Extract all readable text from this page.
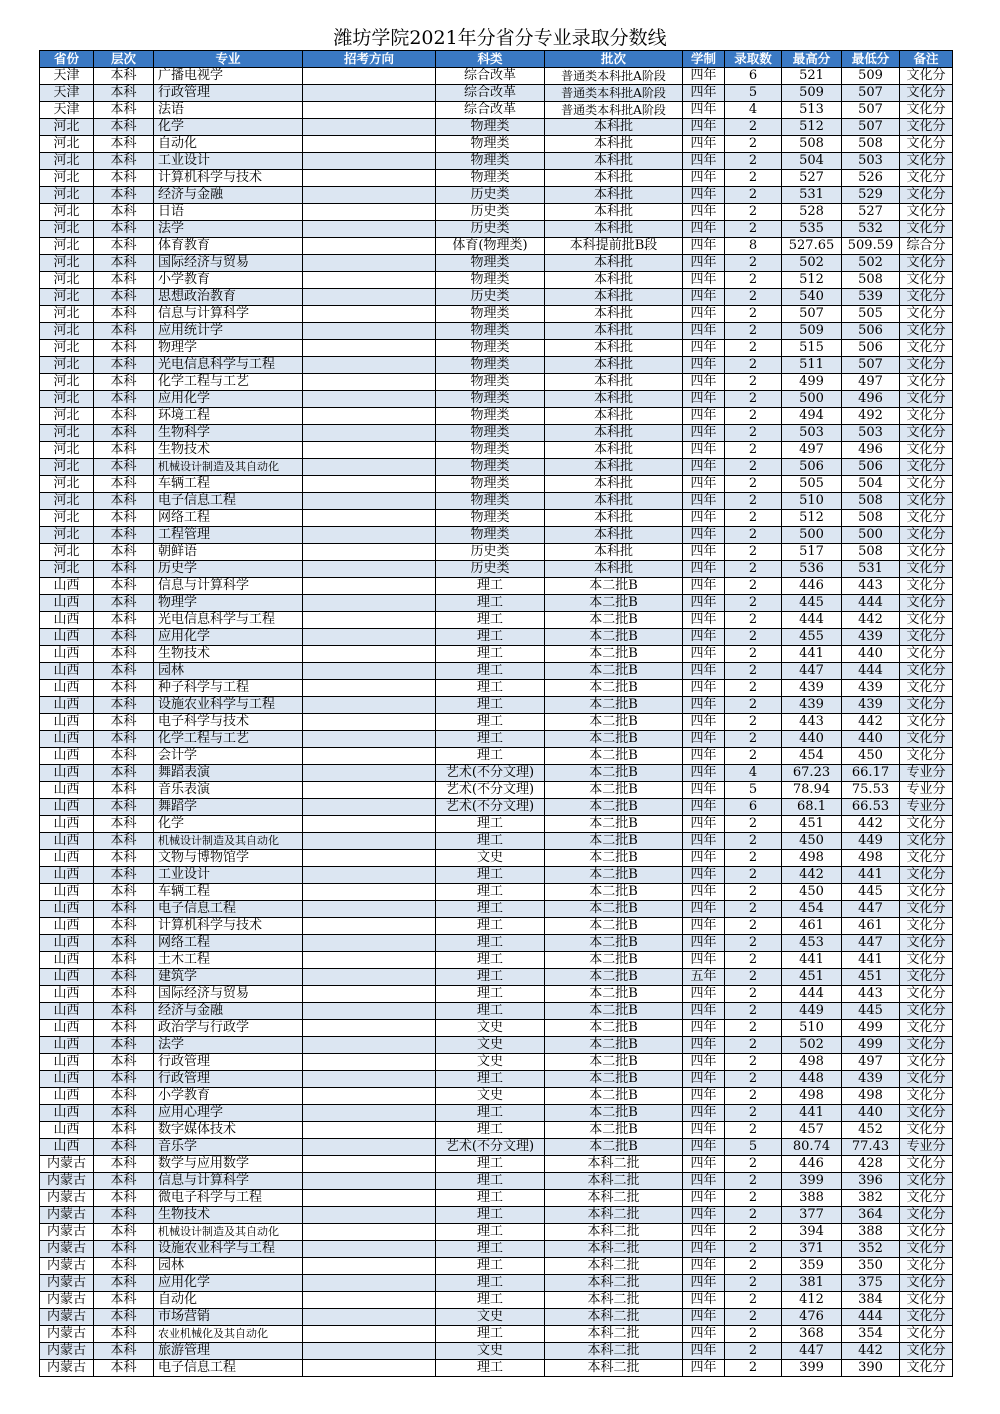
潍坊学院2021年分省分专业录取分数线
省份	层次	专业	招考方向	科类	批次	学制	录取数	最高分	最低分	备注
天津	本科	广播电视学		综合改革	普通类本科批A阶段	四年	6	521	509	文化分
天津	本科	行政管理		综合改革	普通类本科批A阶段	四年	5	509	507	文化分
天津	本科	法语		综合改革	普通类本科批A阶段	四年	4	513	507	文化分
河北	本科	化学		物理类	本科批	四年	2	512	507	文化分
河北	本科	自动化		物理类	本科批	四年	2	508	508	文化分
河北	本科	工业设计		物理类	本科批	四年	2	504	503	文化分
河北	本科	计算机科学与技术		物理类	本科批	四年	2	527	526	文化分
河北	本科	经济与金融		历史类	本科批	四年	2	531	529	文化分
河北	本科	日语		历史类	本科批	四年	2	528	527	文化分
河北	本科	法学		历史类	本科批	四年	2	535	532	文化分
河北	本科	体育教育		体育(物理类)	本科提前批B段	四年	8	527.65	509.59	综合分
河北	本科	国际经济与贸易		物理类	本科批	四年	2	502	502	文化分
河北	本科	小学教育		物理类	本科批	四年	2	512	508	文化分
河北	本科	思想政治教育		历史类	本科批	四年	2	540	539	文化分
河北	本科	信息与计算科学		物理类	本科批	四年	2	507	505	文化分
河北	本科	应用统计学		物理类	本科批	四年	2	509	506	文化分
河北	本科	物理学		物理类	本科批	四年	2	515	506	文化分
河北	本科	光电信息科学与工程		物理类	本科批	四年	2	511	507	文化分
河北	本科	化学工程与工艺		物理类	本科批	四年	2	499	497	文化分
河北	本科	应用化学		物理类	本科批	四年	2	500	496	文化分
河北	本科	环境工程		物理类	本科批	四年	2	494	492	文化分
河北	本科	生物科学		物理类	本科批	四年	2	503	503	文化分
河北	本科	生物技术		物理类	本科批	四年	2	497	496	文化分
河北	本科	机械设计制造及其自动化		物理类	本科批	四年	2	506	506	文化分
河北	本科	车辆工程		物理类	本科批	四年	2	505	504	文化分
河北	本科	电子信息工程		物理类	本科批	四年	2	510	508	文化分
河北	本科	网络工程		物理类	本科批	四年	2	512	508	文化分
河北	本科	工程管理		物理类	本科批	四年	2	500	500	文化分
河北	本科	朝鲜语		历史类	本科批	四年	2	517	508	文化分
河北	本科	历史学		历史类	本科批	四年	2	536	531	文化分
山西	本科	信息与计算科学		理工	本二批B	四年	2	446	443	文化分
山西	本科	物理学		理工	本二批B	四年	2	445	444	文化分
山西	本科	光电信息科学与工程		理工	本二批B	四年	2	444	442	文化分
山西	本科	应用化学		理工	本二批B	四年	2	455	439	文化分
山西	本科	生物技术		理工	本二批B	四年	2	441	440	文化分
山西	本科	园林		理工	本二批B	四年	2	447	444	文化分
山西	本科	种子科学与工程		理工	本二批B	四年	2	439	439	文化分
山西	本科	设施农业科学与工程		理工	本二批B	四年	2	439	439	文化分
山西	本科	电子科学与技术		理工	本二批B	四年	2	443	442	文化分
山西	本科	化学工程与工艺		理工	本二批B	四年	2	440	440	文化分
山西	本科	会计学		理工	本二批B	四年	2	454	450	文化分
山西	本科	舞蹈表演		艺术(不分文理)	本二批B	四年	4	67.23	66.17	专业分
山西	本科	音乐表演		艺术(不分文理)	本二批B	四年	5	78.94	75.53	专业分
山西	本科	舞蹈学		艺术(不分文理)	本二批B	四年	6	68.1	66.53	专业分
山西	本科	化学		理工	本二批B	四年	2	451	442	文化分
山西	本科	机械设计制造及其自动化		理工	本二批B	四年	2	450	449	文化分
山西	本科	文物与博物馆学		文史	本二批B	四年	2	498	498	文化分
山西	本科	工业设计		理工	本二批B	四年	2	442	441	文化分
山西	本科	车辆工程		理工	本二批B	四年	2	450	445	文化分
山西	本科	电子信息工程		理工	本二批B	四年	2	454	447	文化分
山西	本科	计算机科学与技术		理工	本二批B	四年	2	461	461	文化分
山西	本科	网络工程		理工	本二批B	四年	2	453	447	文化分
山西	本科	土木工程		理工	本二批B	四年	2	441	441	文化分
山西	本科	建筑学		理工	本二批B	五年	2	451	451	文化分
山西	本科	国际经济与贸易		理工	本二批B	四年	2	444	443	文化分
山西	本科	经济与金融		理工	本二批B	四年	2	449	445	文化分
山西	本科	政治学与行政学		文史	本二批B	四年	2	510	499	文化分
山西	本科	法学		文史	本二批B	四年	2	502	499	文化分
山西	本科	行政管理		文史	本二批B	四年	2	498	497	文化分
山西	本科	行政管理		理工	本二批B	四年	2	448	439	文化分
山西	本科	小学教育		文史	本二批B	四年	2	498	498	文化分
山西	本科	应用心理学		理工	本二批B	四年	2	441	440	文化分
山西	本科	数字媒体技术		理工	本二批B	四年	2	457	452	文化分
山西	本科	音乐学		艺术(不分文理)	本二批B	四年	5	80.74	77.43	专业分
内蒙古	本科	数学与应用数学		理工	本科二批	四年	2	446	428	文化分
内蒙古	本科	信息与计算科学		理工	本科二批	四年	2	399	396	文化分
内蒙古	本科	微电子科学与工程		理工	本科二批	四年	2	388	382	文化分
内蒙古	本科	生物技术		理工	本科二批	四年	2	377	364	文化分
内蒙古	本科	机械设计制造及其自动化		理工	本科二批	四年	2	394	388	文化分
内蒙古	本科	设施农业科学与工程		理工	本科二批	四年	2	371	352	文化分
内蒙古	本科	园林		理工	本科二批	四年	2	359	350	文化分
内蒙古	本科	应用化学		理工	本科二批	四年	2	381	375	文化分
内蒙古	本科	自动化		理工	本科二批	四年	2	412	384	文化分
内蒙古	本科	市场营销		文史	本科二批	四年	2	476	444	文化分
内蒙古	本科	农业机械化及其自动化		理工	本科二批	四年	2	368	354	文化分
内蒙古	本科	旅游管理		文史	本科二批	四年	2	447	442	文化分
内蒙古	本科	电子信息工程		理工	本科二批	四年	2	399	390	文化分
